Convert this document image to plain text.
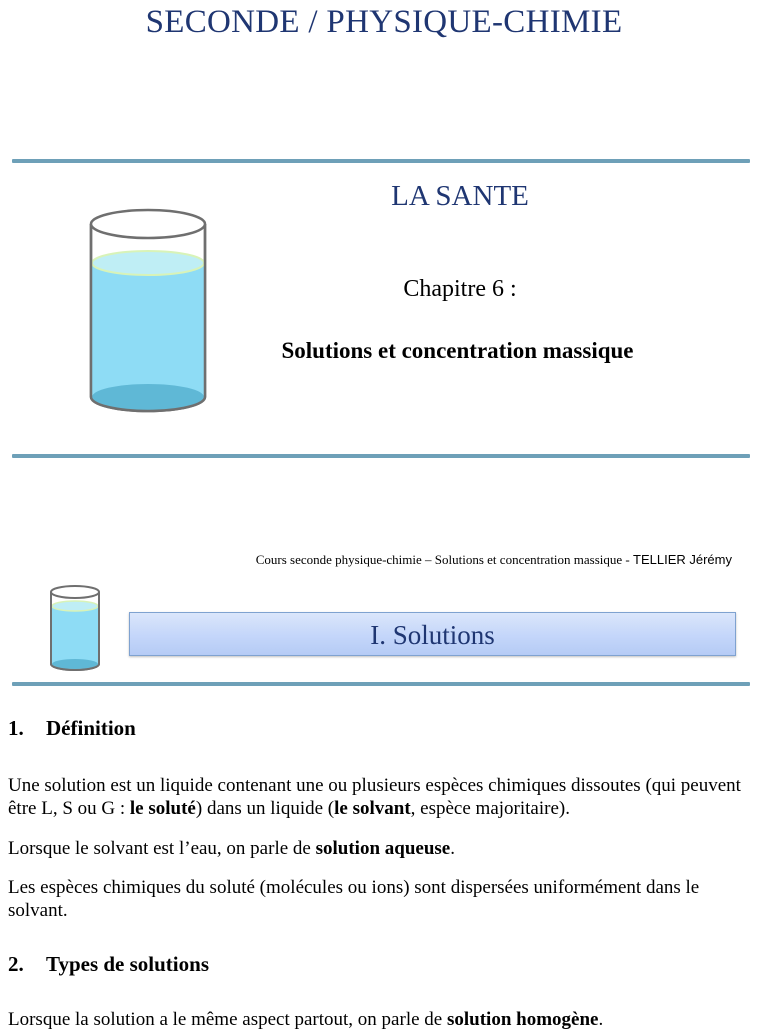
SECONDE / PHYSIQUE-CHIMIE
LA SANTE
Chapitre 6 :
Solutions et concentration massique
Cours seconde physique-chimie – Solutions et concentration massique - TELLIER Jérémy
I. Solutions
1. Définition
Une solution est un liquide contenant une ou plusieurs espèces chimiques dissoutes (qui peuvent être L, S ou G : le soluté) dans un liquide (le solvant, espèce majoritaire).
Lorsque le solvant est l’eau, on parle de solution aqueuse.
Les espèces chimiques du soluté (molécules ou ions) sont dispersées uniformément dans le solvant.
2. Types de solutions
Lorsque la solution a le même aspect partout, on parle de solution homogène.
